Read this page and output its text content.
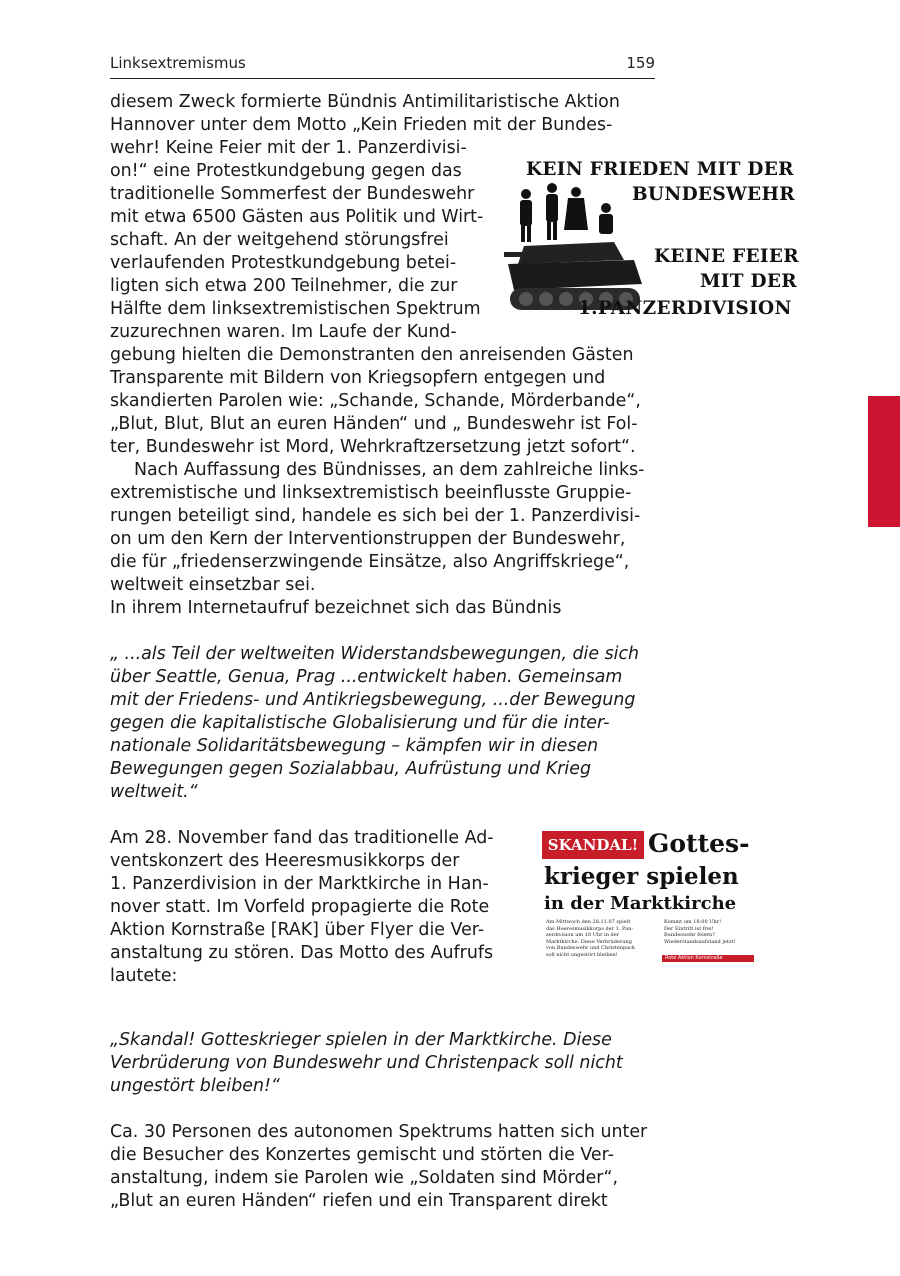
Linksextremismus	159

diesem Zweck formierte Bündnis Antimilitaristische Aktion

Hannover unter dem Motto „Kein Frieden mit der Bundes-

wehr! Keine Feier mit der 1. Panzerdivisi-

on!“ eine Protestkundgebung gegen das

traditionelle Sommerfest der Bundeswehr

mit etwa 6500 Gästen aus Politik und Wirt-

schaft. An der weitgehend störungsfrei

verlaufenden Protestkundgebung betei-

ligten sich etwa 200 Teilnehmer, die zur

Hälfte dem linksextremistischen Spektrum

zuzurechnen waren. Im Laufe der Kund-

gebung hielten die Demonstranten den anreisenden Gästen

Transparente mit Bildern von Kriegsopfern entgegen und

skandierten Parolen wie: „Schande, Schande, Mörderbande“,

„Blut, Blut, Blut an euren Händen“ und „ Bundeswehr ist Fol-

ter, Bundeswehr ist Mord, Wehrkraftzersetzung jetzt sofort“.

Nach Auffassung des Bündnisses, an dem zahlreiche links-

extremistische und linksextremistisch beeinflusste Gruppie-

rungen beteiligt sind, handele es sich bei der 1. Panzerdivisi-

on um den Kern der Interventionstruppen der Bundeswehr,

die für „friedenserzwingende Einsätze, also Angriffskriege“,

weltweit einsetzbar sei.

In ihrem Internetaufruf bezeichnet sich das Bündnis

„ ...als Teil der weltweiten Widerstandsbewegungen, die sich

über Seattle, Genua, Prag ...entwickelt haben. Gemeinsam

mit der Friedens- und Antikriegsbewegung, ...der Bewegung

gegen die kapitalistische Globalisierung und für die inter-

nationale Solidaritätsbewegung – kämpfen wir in diesen

Bewegungen gegen Sozialabbau, Aufrüstung und Krieg

weltweit.“

Am 28. November fand das traditionelle Ad-

ventskonzert des Heeresmusikkorps der

1. Panzerdivision in der Marktkirche in Han-

nover statt. Im Vorfeld propagierte die Rote

Aktion Kornstraße [RAK] über Flyer die Ver-

anstaltung zu stören. Das Motto des Aufrufs

lautete:

„Skandal! Gotteskrieger spielen in der Marktkirche. Diese

Verbrüderung von Bundeswehr und Christenpack soll nicht

ungestört bleiben!“

Ca. 30 Personen des autonomen Spektrums hatten sich unter

die Besucher des Konzertes gemischt und störten die Ver-

anstaltung, indem sie Parolen wie „Soldaten sind Mörder“,

„Blut an euren Händen“ riefen und ein Transparent direkt

KEIN FRIEDEN MIT DER
BUNDESWEHR
KEINE FEIER
MIT DER
1.PANZERDIVISION
SKANDAL! Gottes-
krieger spielen
in der Marktkirche
Am Mittwoch den 28.11.07 spielt
das Heeresmusikkorps der 1. Pan-
zerdivision um 18 Uhr in der
Marktkirche. Diese Verbrüderung
von Bundeswehr und Christenpack
soll nicht ungestört bleiben!
Kommt um 18:00 Uhr!
Der Eintritt ist frei!
Bundeswehr feiern?
Wiederstandsaufstand jetzt!
Rote Aktion Kornstraße
